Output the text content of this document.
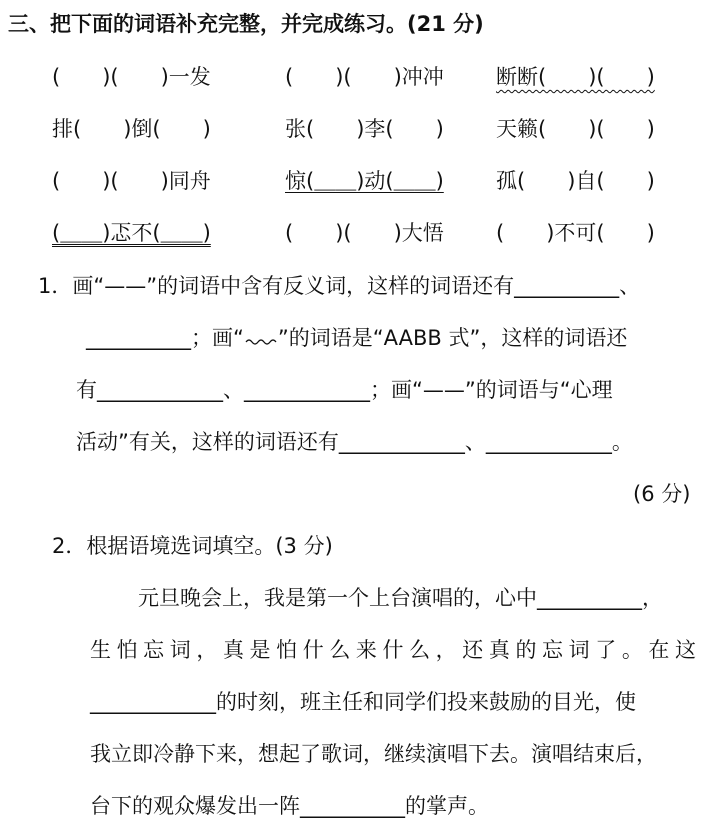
三、把下面的词语补充完整，并完成练习。(21 分)
(　　)(　　)一发	(　　)(　　)冲冲 断断(　　)(　　)
排(　　)倒(　　)	张(　　)李(　　) 天籁(　　)(　　)
(　　)(　　)同舟	惊(＿＿)动(＿＿) 孤(　　)自(　　)
(＿＿)忑不(＿＿)	(　　)(　　)大悟 (　　)不可(　　)
1．画“——”的词语中含有反义词，这样的词语还有__________、
__________；画“ ”的词语是“AABB 式”，这样的词语还
有____________、____________；画“——”的词语与“心理
活动”有关，这样的词语还有____________、____________。
(6 分)
2．根据语境选词填空。(3 分)
元旦晚会上，我是第一个上台演唱的，心中__________，
生怕忘词，真是怕什么来什么，还真的忘词了。在这
____________的时刻，班主任和同学们投来鼓励的目光，使
我立即冷静下来，想起了歌词，继续演唱下去。演唱结束后，
台下的观众爆发出一阵__________的掌声。
